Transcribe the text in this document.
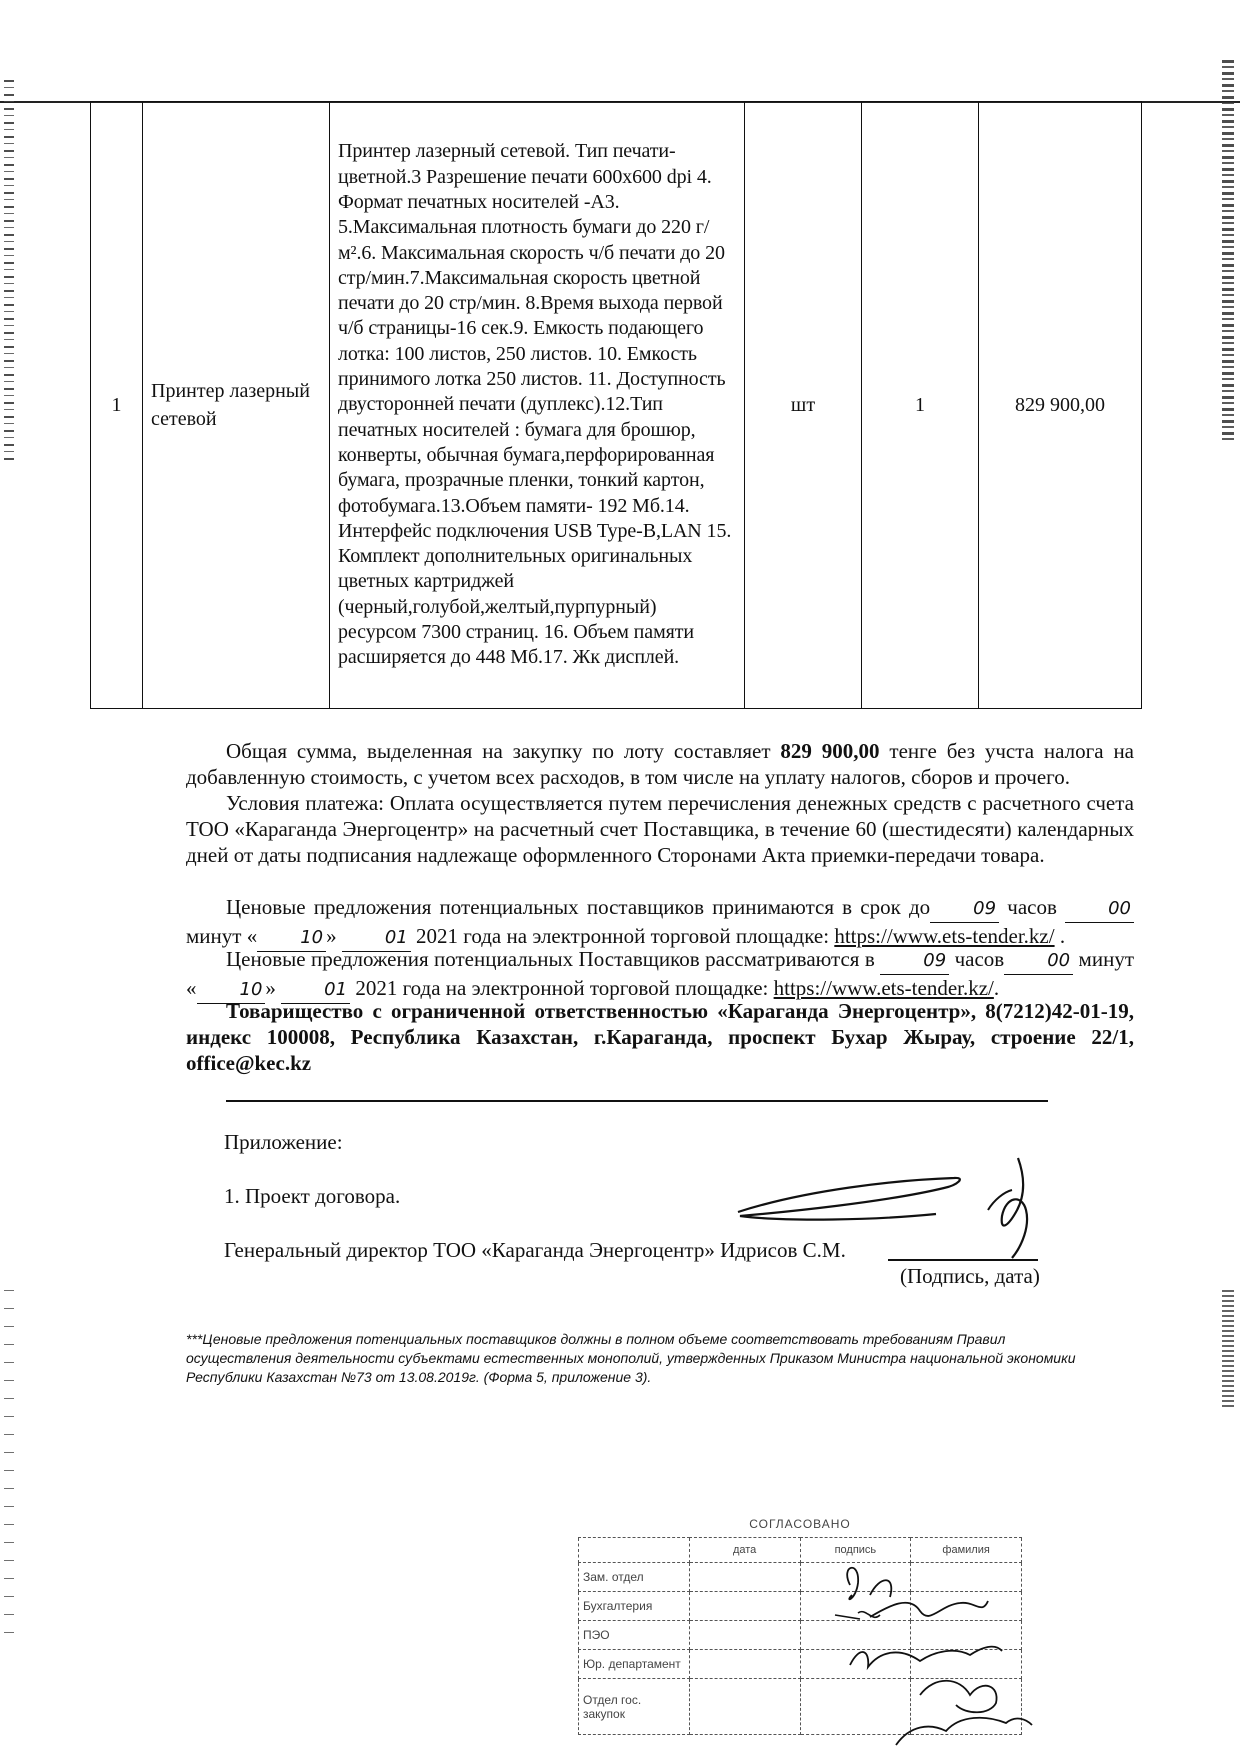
1	Принтер лазерный сетевой	Принтер лазерный сетевой. Тип печати-цветной.3 Разрешение печати 600х600 dpi 4. Формат печатных носителей -А3. 5.Максимальная плотность бумаги до 220 г/м².6. Максимальная скорость ч/б печати до 20 стр/мин.7.Максимальная скорость цветной печати до 20 стр/мин. 8.Время выхода первой ч/б страницы-16 сек.9. Емкость подающего лотка: 100 листов, 250 листов. 10. Емкость принимого лотка 250 листов. 11. Доступность двусторонней печати (дуплекс).12.Тип печатных носителей : бумага для брошюр, конверты, обычная бумага,перфорированная бумага, прозрачные пленки, тонкий картон, фотобумага.13.Объем памяти- 192 Мб.14. Интерфейс подключения USB Type-B,LAN 15. Комплект дополнительных оригинальных цветных картриджей (черный,голубой,желтый,пурпурный) ресурсом 7300 страниц. 16. Объем памяти расширяется до 448 Мб.17. Жк дисплей.	шт	1	829 900,00
Общая сумма, выделенная на закупку по лоту составляет 829 900,00 тенге без учста налога на добавленную стоимость, с учетом всех расходов, в том числе на уплату налогов, сборов и прочего.
Условия платежа: Оплата осуществляется путем перечисления денежных средств с расчетного счета ТОО «Караганда Энергоцентр» на расчетный счет Поставщика, в течение 60 (шестидесяти) календарных дней от даты подписания надлежаще оформленного Сторонами Акта приемки-передачи товара.
Ценовые предложения потенциальных поставщиков принимаются в срок до 09 часов 00 минут « 10 » 01 2021 года на электронной торговой площадке: https://www.ets-tender.kz/ .
Ценовые предложения потенциальных Поставщиков рассматриваются в 09 часов 00 минут « 10 » 01 2021 года на электронной торговой площадке: https://www.ets-tender.kz/.
Товарищество с ограниченной ответственностью «Караганда Энергоцентр», 8(7212)42-01-19, индекс 100008, Республика Казахстан, г.Караганда, проспект Бухар Жырау, строение 22/1, office@kec.kz
Приложение:
1. Проект договора.
Генеральный директор ТОО «Караганда Энергоцентр» Идрисов С.М.
(Подпись, дата)
***Ценовые предложения потенциальных поставщиков должны в полном объеме соответствовать требованиям Правил осуществления деятельности субъектами естественных монополий, утвержденных Приказом Министра национальной экономики Республики Казахстан №73 от 13.08.2019г. (Форма 5, приложение 3).
СОГЛАСОВАНО			
	дата	подпись	фамилия
Зам. отдел			
Бухгалтерия			
ПЭО			
Юр. департамент			
Отдел гос. закупок			
